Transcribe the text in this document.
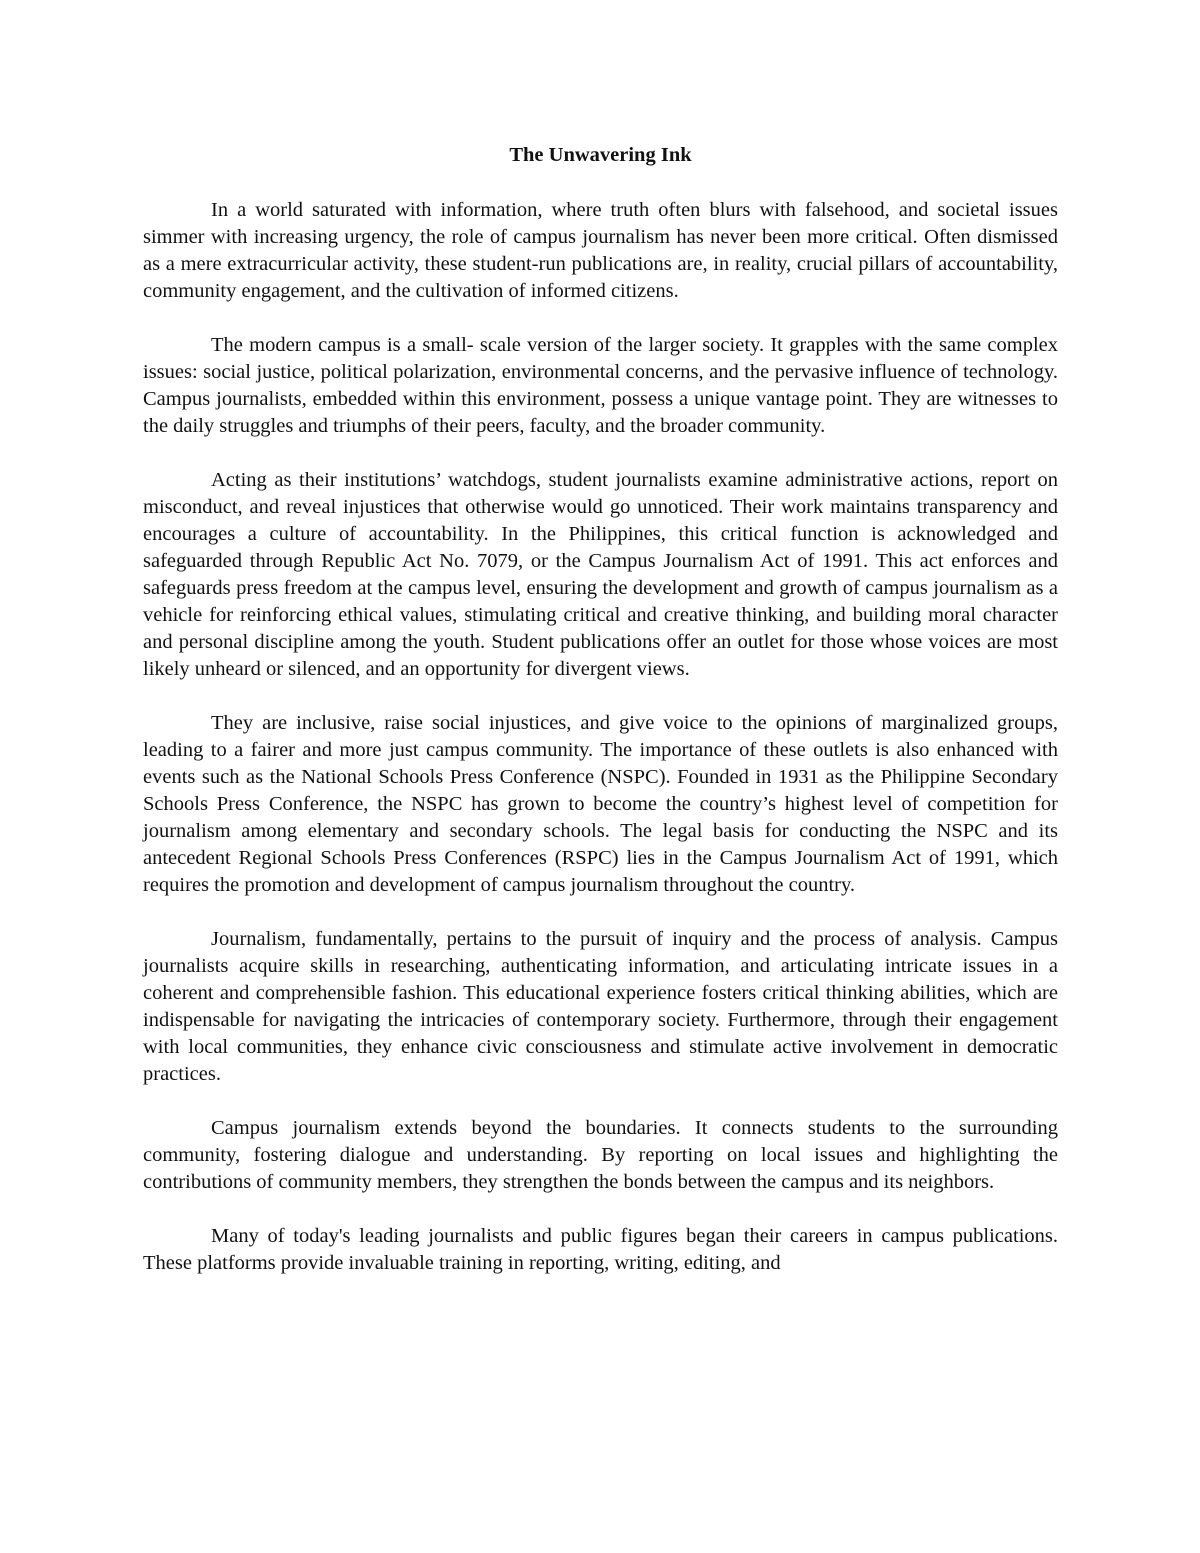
The Unwavering Ink

In a world saturated with information, where truth often blurs with falsehood, and societal issues simmer with increasing urgency, the role of campus journalism has never been more critical. Often dismissed as a mere extracurricular activity, these student-run publications are, in reality, crucial pillars of accountability, community engagement, and the cultivation of informed citizens.

The modern campus is a small- scale version of the larger society. It grapples with the same complex issues: social justice, political polarization, environmental concerns, and the pervasive influence of technology. Campus journalists, embedded within this environment, possess a unique vantage point. They are witnesses to the daily struggles and triumphs of their peers, faculty, and the broader community.

Acting as their institutions’ watchdogs, student journalists examine administrative actions, report on misconduct, and reveal injustices that otherwise would go unnoticed. Their work maintains transparency and encourages a culture of accountability. In the Philippines, this critical function is acknowledged and safeguarded through Republic Act No. 7079, or the Campus Journalism Act of 1991. This act enforces and safeguards press freedom at the campus level, ensuring the development and growth of campus journalism as a vehicle for reinforcing ethical values, stimulating critical and creative thinking, and building moral character and personal discipline among the youth. Student publications offer an outlet for those whose voices are most likely unheard or silenced, and an opportunity for divergent views.

They are inclusive, raise social injustices, and give voice to the opinions of marginalized groups, leading to a fairer and more just campus community. The importance of these outlets is also enhanced with events such as the National Schools Press Conference (NSPC). Founded in 1931 as the Philippine Secondary Schools Press Conference, the NSPC has grown to become the country’s highest level of competition for journalism among elementary and secondary schools. The legal basis for conducting the NSPC and its antecedent Regional Schools Press Conferences (RSPC) lies in the Campus Journalism Act of 1991, which requires the promotion and development of campus journalism throughout the country.

Journalism, fundamentally, pertains to the pursuit of inquiry and the process of analysis. Campus journalists acquire skills in researching, authenticating information, and articulating intricate issues in a coherent and comprehensible fashion. This educational experience fosters critical thinking abilities, which are indispensable for navigating the intricacies of contemporary society. Furthermore, through their engagement with local communities, they enhance civic consciousness and stimulate active involvement in democratic practices.

Campus journalism extends beyond the boundaries. It connects students to the surrounding community, fostering dialogue and understanding. By reporting on local issues and highlighting the contributions of community members, they strengthen the bonds between the campus and its neighbors.

Many of today's leading journalists and public figures began their careers in campus publications. These platforms provide invaluable training in reporting, writing, editing, and
